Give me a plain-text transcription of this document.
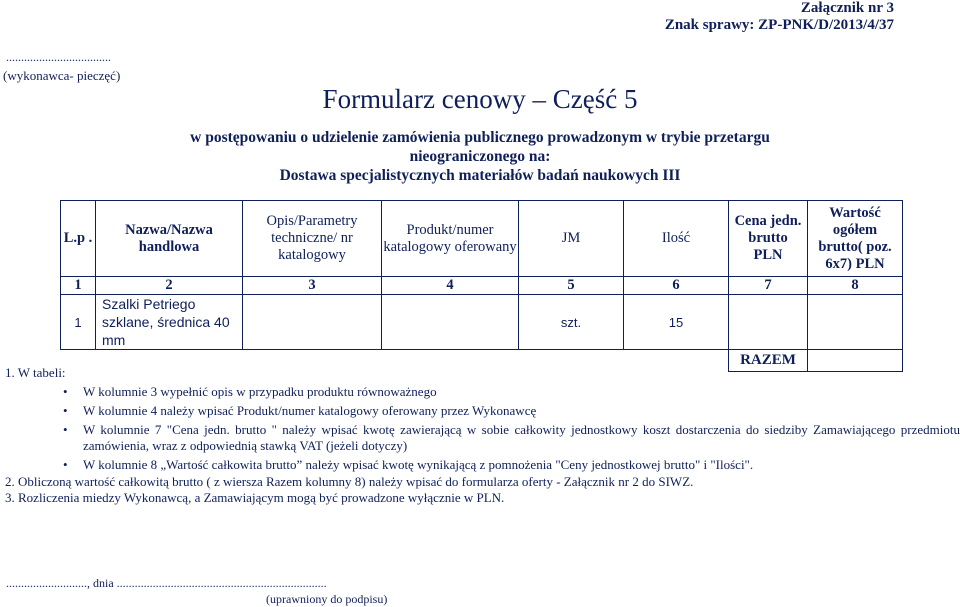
Załącznik nr 3
Znak sprawy: ZP-PNK/D/2013/4/37
...................................
(wykonawca- pieczęć)
Formularz cenowy – Część 5
w postępowaniu o udzielenie zamówienia publicznego prowadzonym w trybie przetargu
nieograniczonego na:
Dostawa specjalistycznych materiałów badań naukowych III
L.p .	Nazwa/Nazwa handlowa	Opis/Parametry techniczne/ nr katalogowy	Produkt/numer katalogowy oferowany	JM	Ilość	Cena jedn. brutto PLN	Wartość ogółem brutto( poz. 6x7) PLN
1	2	3	4	5	6	7	8
1	Szalki Petriego szklane, średnica 40 mm			szt.	15		
						RAZEM	
1. W tabeli:
• W kolumnie 3 wypełnić opis w przypadku produktu równoważnego
• W kolumnie 4 należy wpisać Produkt/numer katalogowy oferowany przez Wykonawcę
• W kolumnie 7 "Cena jedn. brutto " należy wpisać kwotę zawierającą w sobie całkowity jednostkowy koszt dostarczenia do siedziby Zamawiającego przedmiotu zamówienia, wraz z odpowiednią stawką VAT (jeżeli dotyczy)
• W kolumnie 8 „Wartość całkowita brutto” należy wpisać kwotę wynikającą z pomnożenia "Ceny jednostkowej brutto" i "Ilości".
2. Obliczoną wartość całkowitą brutto ( z wiersza Razem kolumny 8) należy wpisać do formularza oferty - Załącznik nr 2 do SIWZ.
3. Rozliczenia miedzy Wykonawcą, a Zamawiającym mogą być prowadzone wyłącznie w PLN.
..........................., dnia ......................................................................
(uprawniony do podpisu)
